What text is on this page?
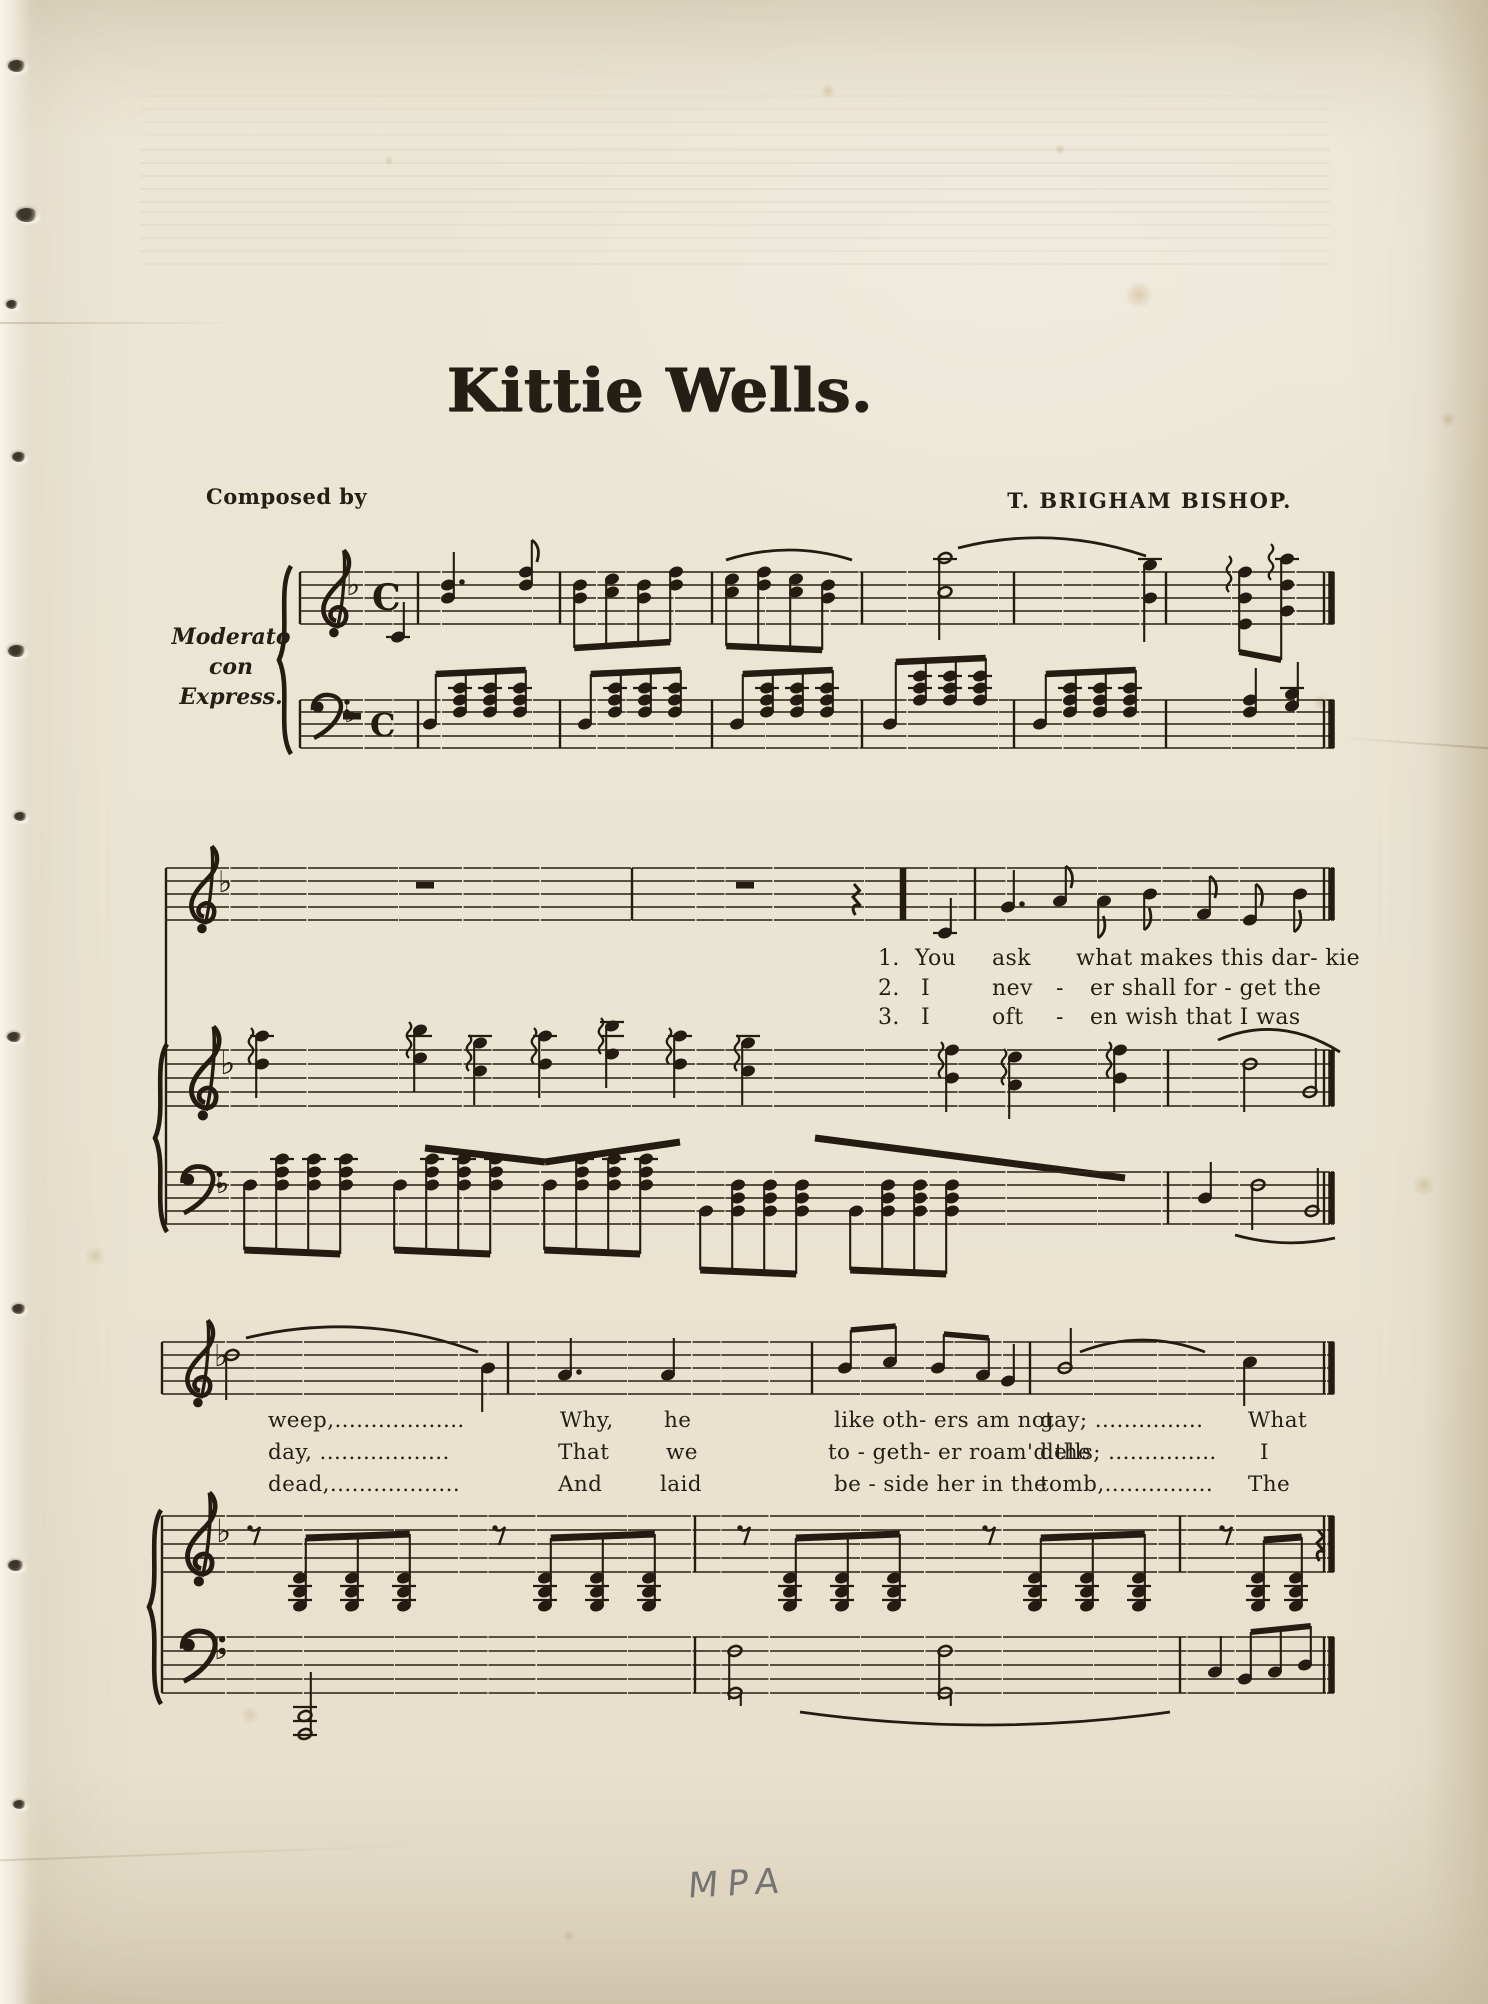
Kittie Wells.
Composed by	T. BRIGHAM BISHOP.
Moderato
con
Express.
♭ C
C
♭
♭
♭
♭
♭
♭
1. You ask what makes this dar- kie
2. I	nev - er shall for - get the
3. I	oft - en wish that I was
weep,..................	Why, he	like oth- ers am not
gay; ............... What
day, ..................	That	we	to - geth- er roam'd the
dells; ............... I
dead,..................	And	laid	be - side her in the
tomb,............... The
MPA
